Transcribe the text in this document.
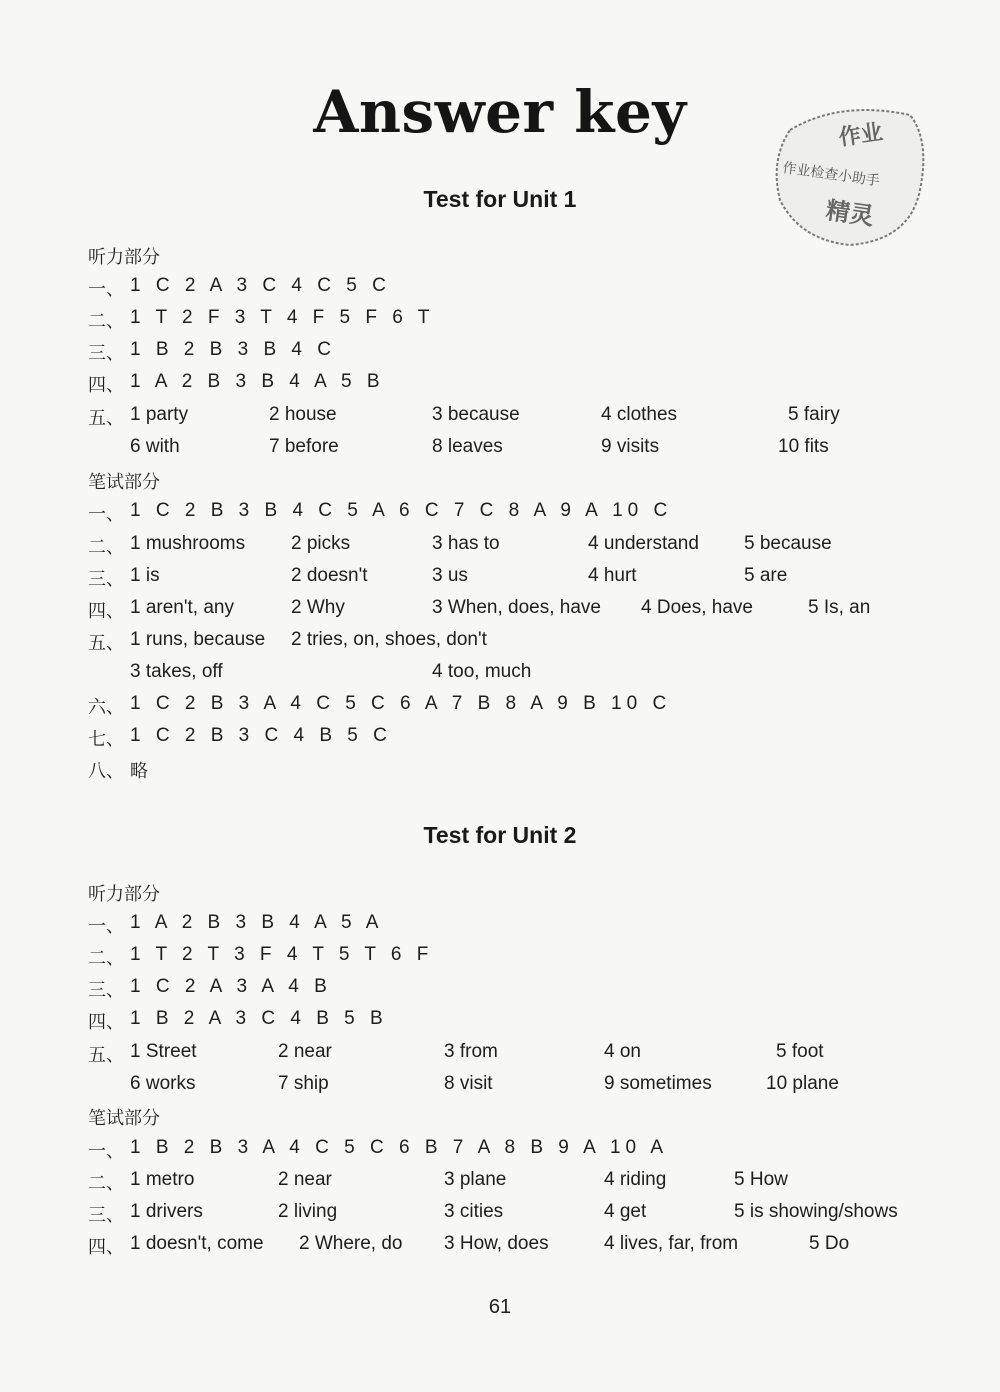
Answer key	作业
作业检查小助手
精灵
Test for Unit 1
听力部分
一、 1 C 2 A 3 C 4 C 5 C
二、 1 T 2 F 3 T 4 F 5 F 6 T
三、 1 B 2 B 3 B 4 C
四、 1 A 2 B 3 B 4 A 5 B
五、 1 party	2 house	3 because	4 clothes	5 fairy
6 with	7 before	8 leaves	9 visits	10 fits
笔试部分
一、 1 C 2 B 3 B 4 C 5 A 6 C 7 C 8 A 9 A 10 C
二、 1 mushrooms 2 picks	3 has to	4 understand 5 because
三、 1 is	2 doesn't	3 us	4 hurt	5 are
四、 1 aren't, any	2 Why	3 When, does, have 4 Does, have	5 Is, an
五、 1 runs, because 2 tries, on, shoes, don't
3 takes, off	4 too, much
六、 1 C 2 B 3 A 4 C 5 C 6 A 7 B 8 A 9 B 10 C
七、 1 C 2 B 3 C 4 B 5 C
八、 略
Test for Unit 2
听力部分
一、 1 A 2 B 3 B 4 A 5 A
二、 1 T 2 T 3 F 4 T 5 T 6 F
三、 1 C 2 A 3 A 4 B
四、 1 B 2 A 3 C 4 B 5 B
五、 1 Street	2 near	3 from	4 on	5 foot
6 works	7 ship	8 visit	9 sometimes	10 plane
笔试部分
一、 1 B 2 B 3 A 4 C 5 C 6 B 7 A 8 B 9 A 10 A
二、 1 metro	2 near	3 plane	4 riding	5 How
三、 1 drivers	2 living	3 cities	4 get	5 is showing/shows
四、 1 doesn't, come 2 Where, do 3 How, does	4 lives, far, from	5 Do
61
